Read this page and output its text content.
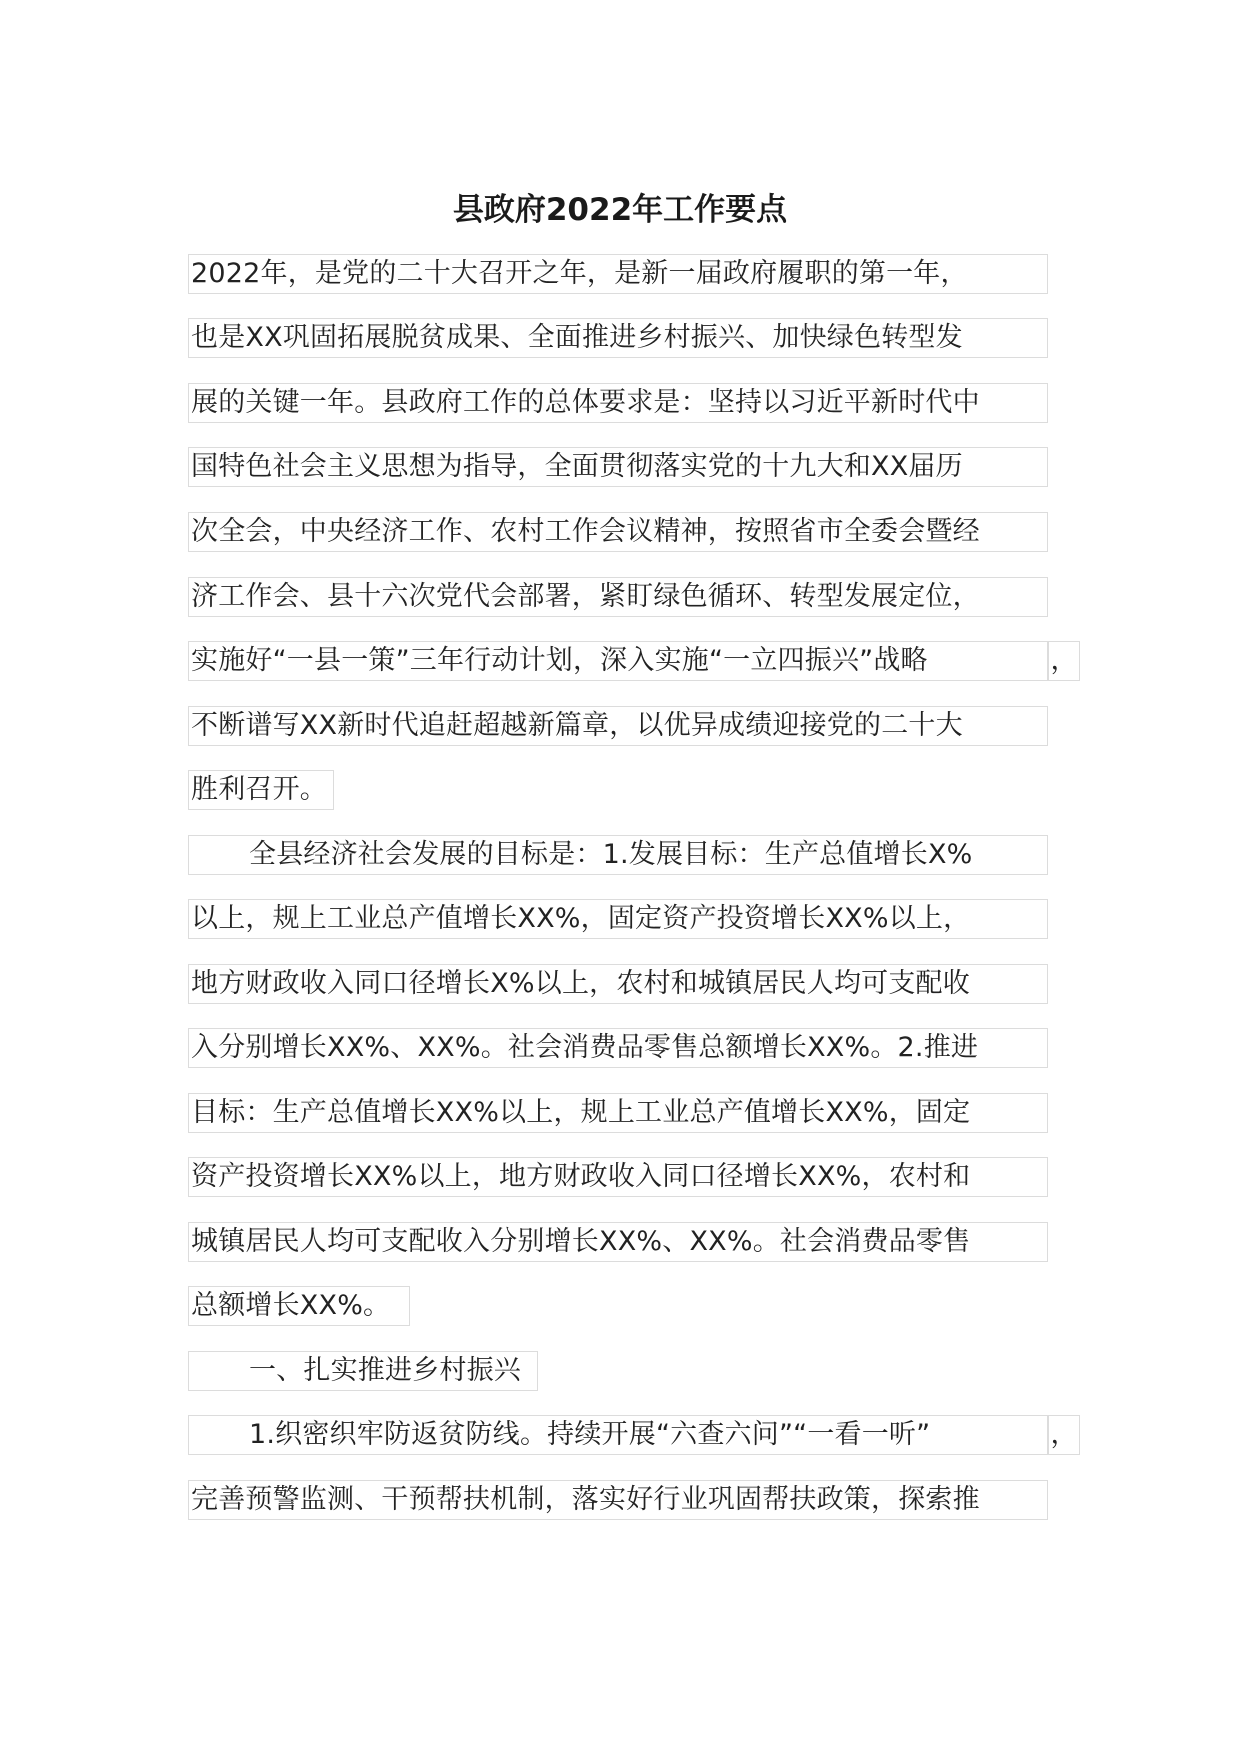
县政府2022年工作要点
2022年，是党的二十大召开之年，是新一届政府履职的第一年，
也是XX巩固拓展脱贫成果、全面推进乡村振兴、加快绿色转型发
展的关键一年。县政府工作的总体要求是：坚持以习近平新时代中
国特色社会主义思想为指导，全面贯彻落实党的十九大和XX届历
次全会，中央经济工作、农村工作会议精神，按照省市全委会暨经
济工作会、县十六次党代会部署，紧盯绿色循环、转型发展定位，
实施好“一县一策”三年行动计划，深入实施“一立四振兴”战略	，
不断谱写XX新时代追赶超越新篇章，以优异成绩迎接党的二十大
胜利召开。
全县经济社会发展的目标是：1.发展目标：生产总值增长X%
以上，规上工业总产值增长XX%，固定资产投资增长XX%以上，
地方财政收入同口径增长X%以上，农村和城镇居民人均可支配收
入分别增长XX%、XX%。社会消费品零售总额增长XX%。2.推进
目标：生产总值增长XX%以上，规上工业总产值增长XX%，固定
资产投资增长XX%以上，地方财政收入同口径增长XX%，农村和
城镇居民人均可支配收入分别增长XX%、XX%。社会消费品零售
总额增长XX%。
一、扎实推进乡村振兴
1.织密织牢防返贫防线。持续开展“六查六问”“一看一听”	，
完善预警监测、干预帮扶机制，落实好行业巩固帮扶政策，探索推
